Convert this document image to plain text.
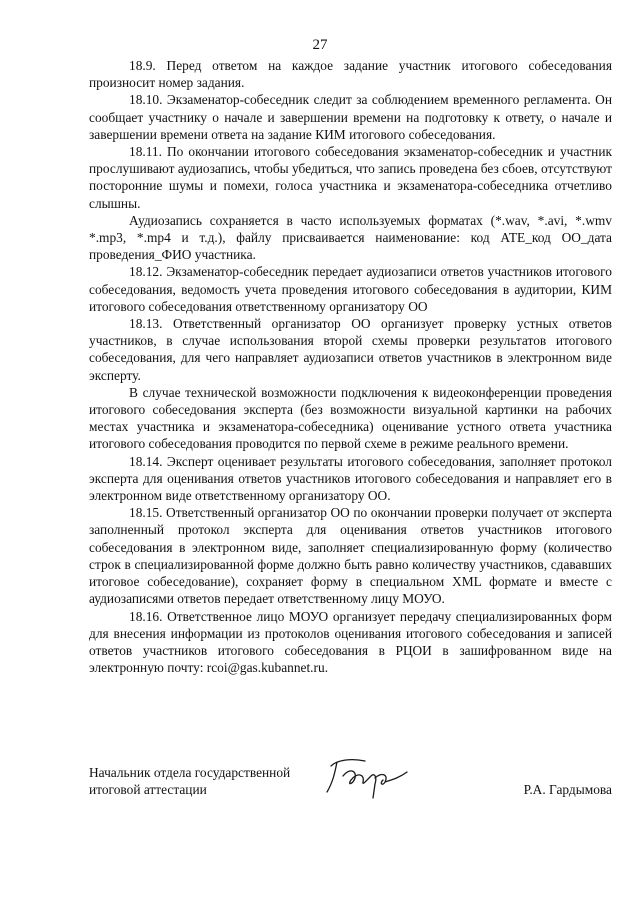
27

18.9. Перед ответом на каждое задание участник итогового собеседования произносит номер задания.

18.10. Экзаменатор-собеседник следит за соблюдением временного регламента. Он сообщает участнику о начале и завершении времени на подготовку к ответу, о начале и завершении времени ответа на задание КИМ итогового собеседования.

18.11. По окончании итогового собеседования экзаменатор-собеседник и участник прослушивают аудиозапись, чтобы убедиться, что запись проведена без сбоев, отсутствуют посторонние шумы и помехи, голоса участника и экзаменатора-собеседника отчетливо слышны.

Аудиозапись сохраняется в часто используемых форматах (*.wav, *.avi, *.wmv *.mp3, *.mp4 и т.д.), файлу присваивается наименование: код АТЕ_код ОО_дата проведения_ФИО участника.

18.12. Экзаменатор-собеседник передает аудиозаписи ответов участников итогового собеседования, ведомость учета проведения итогового собеседования в аудитории, КИМ итогового собеседования ответственному организатору ОО

18.13. Ответственный организатор ОО организует проверку устных ответов участников, в случае использования второй схемы проверки результатов итогового собеседования, для чего направляет аудиозаписи ответов участников в электронном виде эксперту.

В случае технической возможности подключения к видеоконференции проведения итогового собеседования эксперта (без возможности визуальной картинки на рабочих местах участника и экзаменатора-собеседника) оценивание устного ответа участника итогового собеседования проводится по первой схеме в режиме реального времени.

18.14. Эксперт оценивает результаты итогового собеседования, заполняет протокол эксперта для оценивания ответов участников итогового собеседования и направляет его в электронном виде ответственному организатору ОО.

18.15. Ответственный организатор ОО по окончании проверки получает от эксперта заполненный протокол эксперта для оценивания ответов участников итогового собеседования в электронном виде, заполняет специализированную форму (количество строк в специализированной форме должно быть равно количеству участников, сдававших итоговое собеседование), сохраняет форму в специальном XML формате и вместе с аудиозаписями ответов передает ответственному лицу МОУО.

18.16. Ответственное лицо МОУО организует передачу специализированных форм для внесения информации из протоколов оценивания итогового собеседования и записей ответов участников итогового собеседования в РЦОИ в зашифрованном виде на электронную почту: rcoi@gas.kubannet.ru.

Начальник отдела государственной
итоговой аттестации	Р.А. Гардымова
